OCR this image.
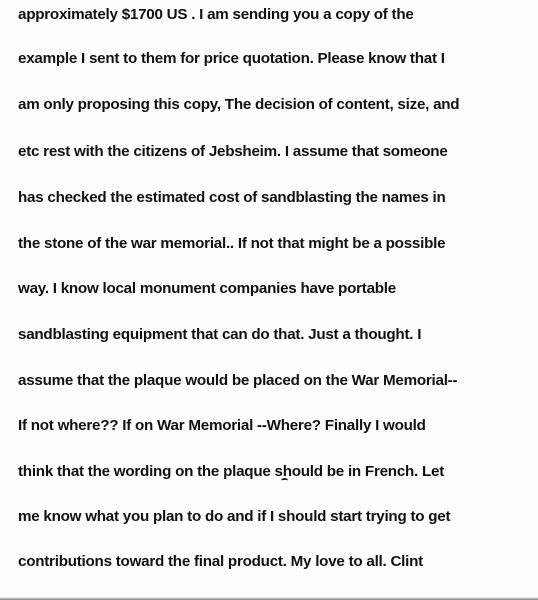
approximately $1700 US . I am sending you a copy of the
example I sent to them for price quotation. Please know that I
am only proposing this copy, The decision of content, size, and
etc rest with the citizens of Jebsheim. I assume that someone
has checked the estimated cost of sandblasting the names in
the stone of the war memorial.. If not that might be a possible
way. I know local monument companies have portable
sandblasting equipment that can do that. Just a thought. I
assume that the plaque would be placed on the War Memorial--
If not where?? If on War Memorial --Where? Finally I would
think that the wording on the plaque should be in French. Let
me know what you plan to do and if I should start trying to get
contributions toward the final product. My love to all. Clint
